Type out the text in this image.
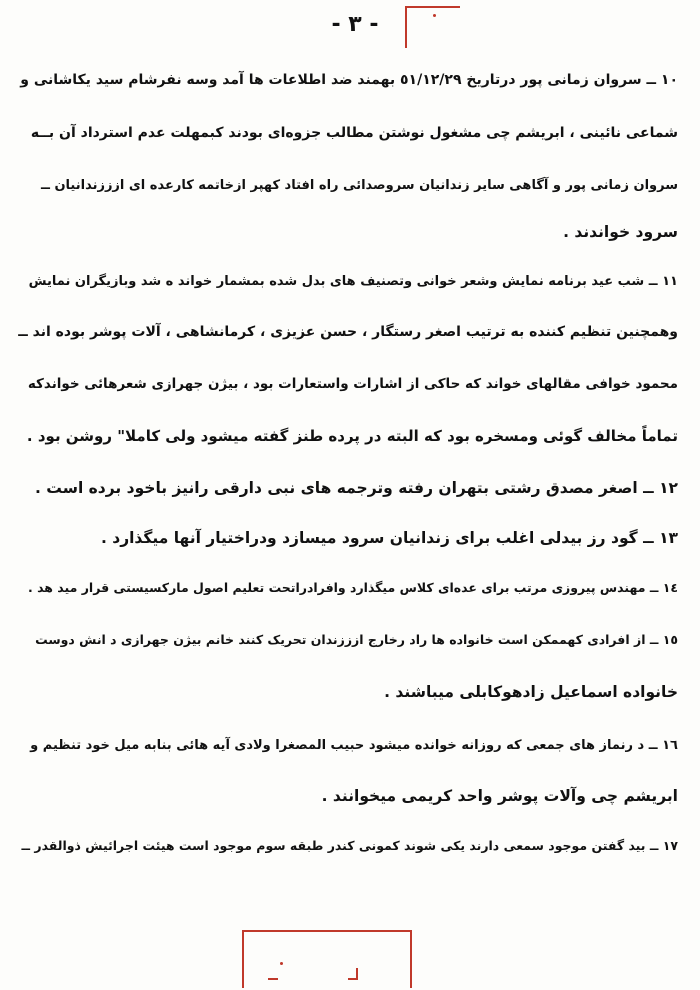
- ٣ -
١٠ ــ سروان زمانی پور درتاریخ ٥١/١٢/٢٩ بهمند ضد اطلاعات ها آمد وسه نفرشام سید یکاشانی و
شماعی نائینی ، ابریشم چی مشغول نوشتن مطالب جزوه‌ای بودند کبمهلت عدم استرداد آن بــه
سروان زمانی پور و آگاهی سایر زندانیان سروصدائی راه افتاد کهپر ازخاتمه کارعده ای ازززندانیان ــ
سرود خواندند .
١١ ــ شب عید برنامه نمایش وشعر خوانی وتصنیف های بدل شده بمشمار خواند ه شد وبازیگران نمایش
وهمچنین تنظیم کننده به ترتیب اصغر رستگار ، حسن عزیزی ، کرمانشاهی ، آلات پوشر بوده اند ــ
محمود خوافی مقالهای خواند که حاکی از اشارات واستعارات بود ، بیژن جهرازی شعرهائی خواندکه
تماماً مخالف گوئی ومسخره بود که البته در پرده طنز گفته میشود ولی کاملا" روشن بود .
١٢ ــ اصغر مصدق رشتی بتهران رفته وترجمه های نبی دارقی رانیز باخود برده است .
١٣ ــ گود رز بیدلی اغلب برای زندانیان سرود میسازد ودراختیار آنها میگذارد .
١٤ ــ مهندس پیروزی مرتب برای عده‌ای کلاس میگذارد وافرادراتحت تعلیم اصول مارکسیستی قرار مید هد .
١٥ ــ از افرادی کهممکن است خانواده ها راد رخارج ازززندان تحریک کنند خانم بیژن جهرازی د انش دوست
خانواده اسماعیل زادهوکابلی میباشند .
١٦ ــ د رنماز های جمعی که روزانه خوانده میشود حبیب المصغرا ولادی آیه هائی بنابه میل خود تنظیم و
ابریشم چی وآلات پوشر واحد کریمی میخوانند .
١٧ ــ بید گفتن موجود سمعی دارند یکی شوند کمونی کندر طبقه سوم موجود است هیئت اجرائیش ذوالقدر ــ
